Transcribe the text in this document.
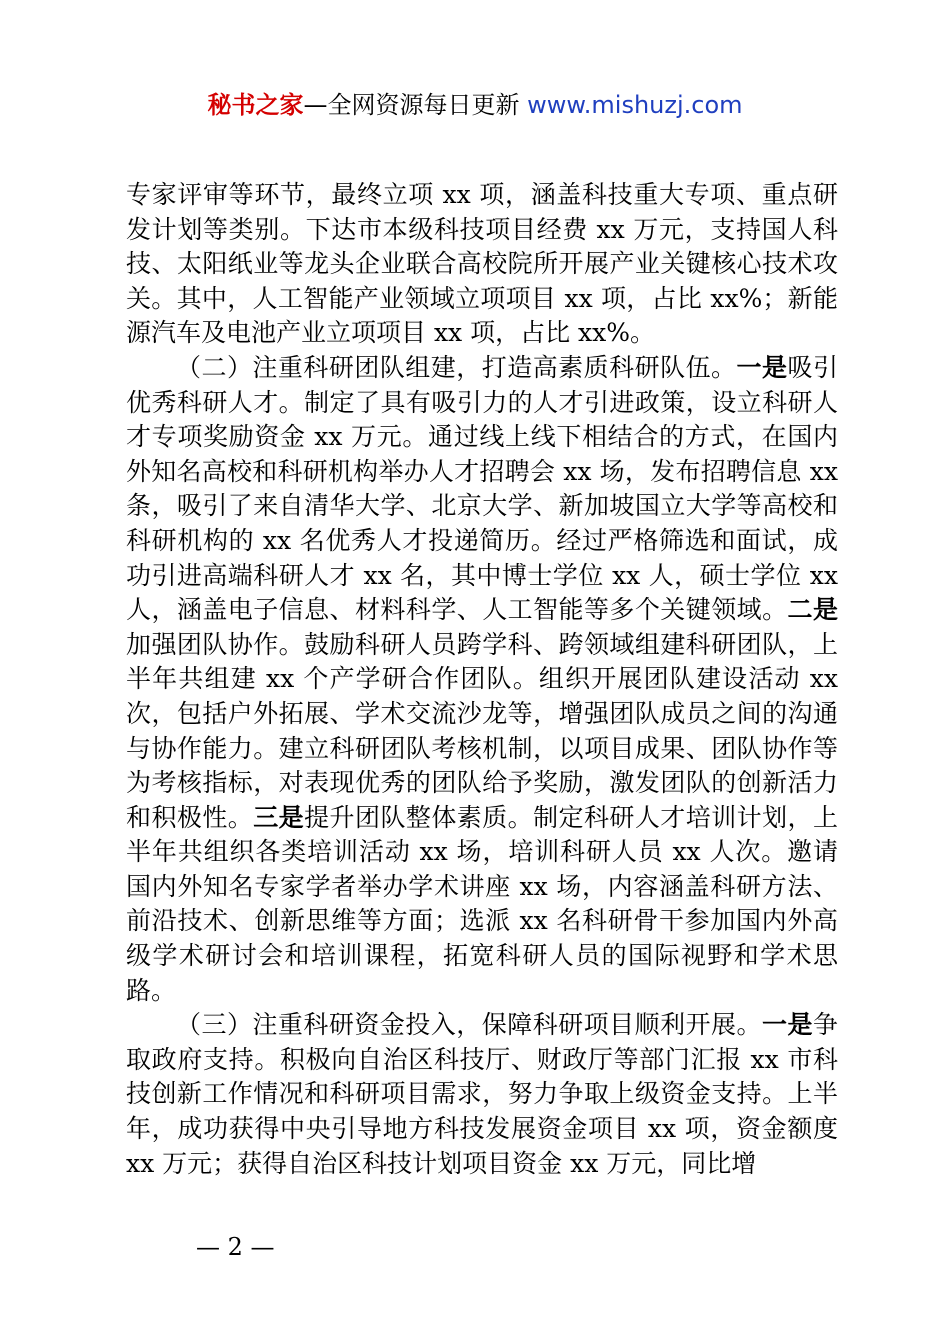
秘书之家—全网资源每日更新 www.mishuzj.com

专家评审等环节，最终立项 xx 项，涵盖科技重大专项、重点研发计划等类别。下达市本级科技项目经费 xx 万元，支持国人科技、太阳纸业等龙头企业联合高校院所开展产业关键核心技术攻关。其中，人工智能产业领域立项项目 xx 项，占比 xx%；新能源汽车及电池产业立项项目 xx 项，占比 xx%。

（二）注重科研团队组建，打造高素质科研队伍。一是吸引优秀科研人才。制定了具有吸引力的人才引进政策，设立科研人才专项奖励资金 xx 万元。通过线上线下相结合的方式，在国内外知名高校和科研机构举办人才招聘会 xx 场，发布招聘信息 xx 条，吸引了来自清华大学、北京大学、新加坡国立大学等高校和科研机构的 xx 名优秀人才投递简历。经过严格筛选和面试，成功引进高端科研人才 xx 名，其中博士学位 xx 人，硕士学位 xx 人，涵盖电子信息、材料科学、人工智能等多个关键领域。二是加强团队协作。鼓励科研人员跨学科、跨领域组建科研团队，上半年共组建 xx 个产学研合作团队。组织开展团队建设活动 xx 次，包括户外拓展、学术交流沙龙等，增强团队成员之间的沟通与协作能力。建立科研团队考核机制，以项目成果、团队协作等为考核指标，对表现优秀的团队给予奖励，激发团队的创新活力和积极性。三是提升团队整体素质。制定科研人才培训计划，上半年共组织各类培训活动 xx 场，培训科研人员 xx 人次。邀请国内外知名专家学者举办学术讲座 xx 场，内容涵盖科研方法、前沿技术、创新思维等方面；选派 xx 名科研骨干参加国内外高级学术研讨会和培训课程，拓宽科研人员的国际视野和学术思路。

（三）注重科研资金投入，保障科研项目顺利开展。一是争取政府支持。积极向自治区科技厅、财政厅等部门汇报 xx 市科技创新工作情况和科研项目需求，努力争取上级资金支持。上半年，成功获得中央引导地方科技发展资金项目 xx 项，资金额度 xx 万元；获得自治区科技计划项目资金 xx 万元，同比增

— 2 —
